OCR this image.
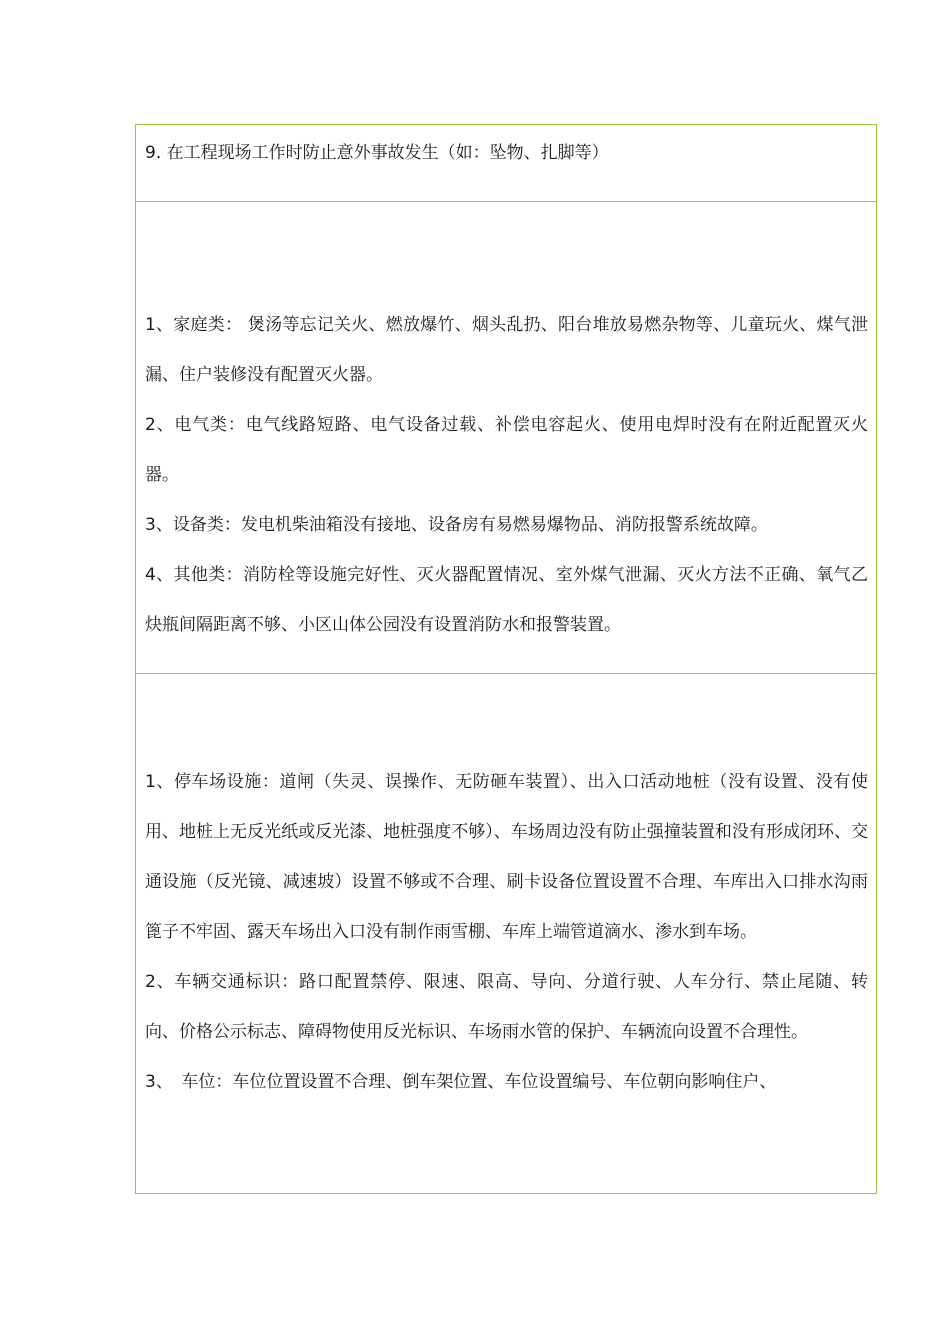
9. 在工程现场工作时防止意外事故发生（如：坠物、扎脚等）

1、家庭类： 煲汤等忘记关火、燃放爆竹、烟头乱扔、阳台堆放易燃杂物等、儿童玩火、煤气泄漏、住户装修没有配置灭火器。

2、电气类：电气线路短路、电气设备过载、补偿电容起火、使用电焊时没有在附近配置灭火器。

3、设备类：发电机柴油箱没有接地、设备房有易燃易爆物品、消防报警系统故障。

4、其他类：消防栓等设施完好性、灭火器配置情况、室外煤气泄漏、灭火方法不正确、氧气乙炔瓶间隔距离不够、小区山体公园没有设置消防水和报警装置。

1、停车场设施：道闸（失灵、误操作、无防砸车装置）、出入口活动地桩（没有设置、没有使用、地桩上无反光纸或反光漆、地桩强度不够）、车场周边没有防止强撞装置和没有形成闭环、交通设施（反光镜、减速坡）设置不够或不合理、刷卡设备位置设置不合理、车库出入口排水沟雨篦子不牢固、露天车场出入口没有制作雨雪棚、车库上端管道滴水、渗水到车场。

2、车辆交通标识：路口配置禁停、限速、限高、导向、分道行驶、人车分行、禁止尾随、转向、价格公示标志、障碍物使用反光标识、车场雨水管的保护、车辆流向设置不合理性。

3、　车位：车位位置设置不合理、倒车架位置、车位设置编号、车位朝向影响住户、
